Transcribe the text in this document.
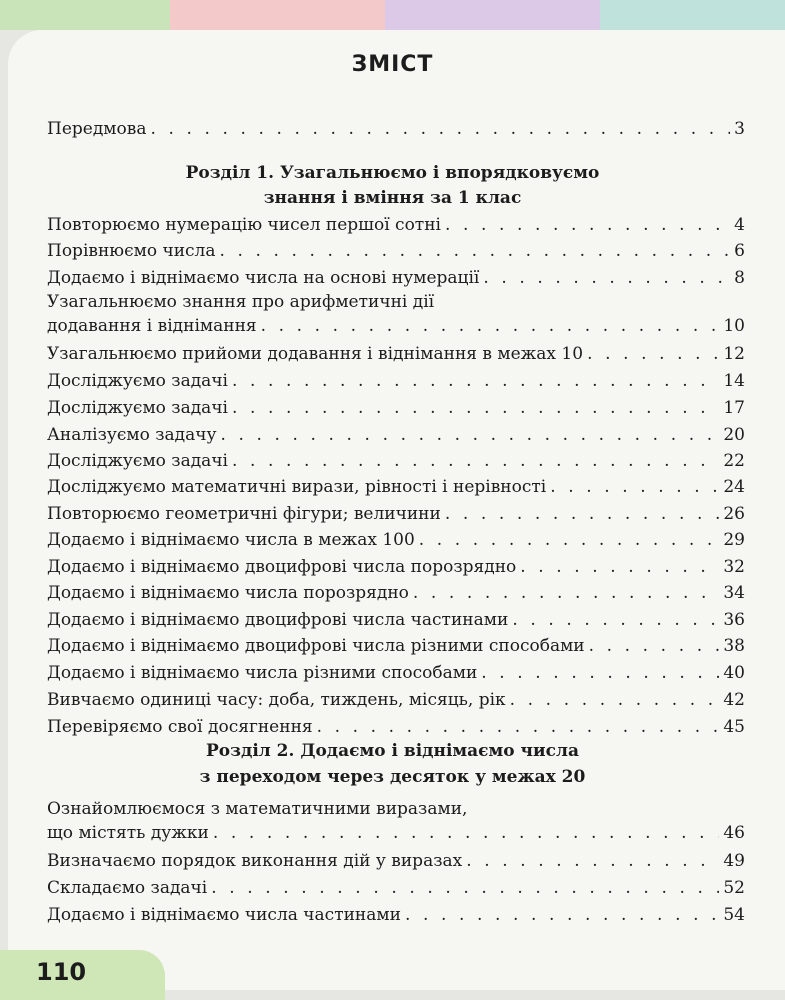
ЗМІСТ
Передмова . . .	3
Розділ 1. Узагальнюємо і впорядковуємо
знання і вміння за 1 клас
Повторюємо нумерацію чисел першої сотні . . .	4
Порівнюємо числа . . .	6
Додаємо і віднімаємо числа на основі нумерації . . .	8
Узагальнюємо знання про арифметичні дії
додавання і віднімання . . .	10
Узагальнюємо прийоми додавання і віднімання в межах 10 . . .	12
Досліджуємо задачі . . .	14
Досліджуємо задачі . . .	17
Аналізуємо задачу . . .	20
Досліджуємо задачі . . .	22
Досліджуємо математичні вирази, рівності і нерівності . . .	24
Повторюємо геометричні фігури; величини . . .	26
Додаємо і віднімаємо числа в межах 100 . . .	29
Додаємо і віднімаємо двоцифрові числа порозрядно . . .	32
Додаємо і віднімаємо числа порозрядно . . .	34
Додаємо і віднімаємо двоцифрові числа частинами . . .	36
Додаємо і віднімаємо двоцифрові числа різними способами . . .	38
Додаємо і віднімаємо числа різними способами . . .	40
Вивчаємо одиниці часу: доба, тиждень, місяць, рік . . .	42
Перевіряємо свої досягнення . . .	45
Розділ 2. Додаємо і віднімаємо числа
з переходом через десяток у межах 20
Ознайомлюємося з математичними виразами,
що містять дужки . . .	46
Визначаємо порядок виконання дій у виразах . . .	49
Складаємо задачі . . .	52
Додаємо і віднімаємо числа частинами . . .	54
110
